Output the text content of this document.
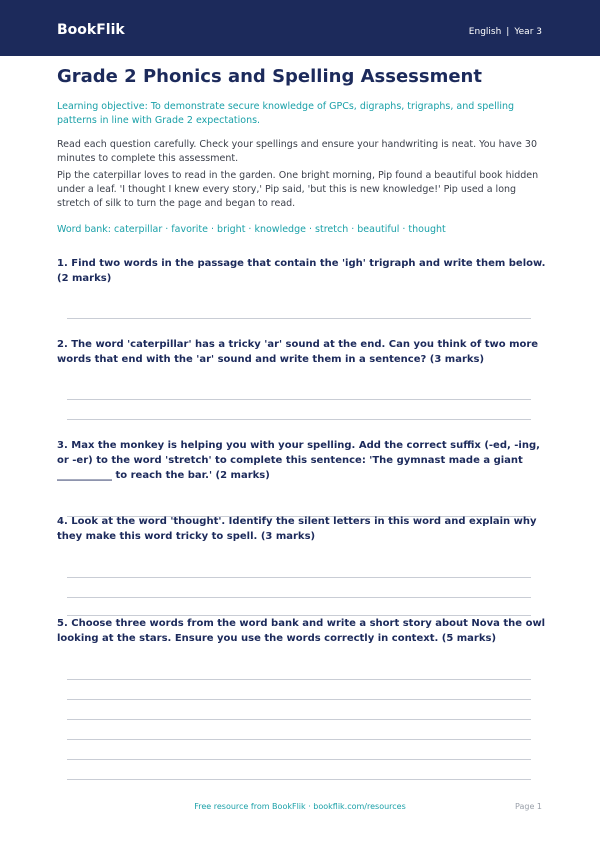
BookFlik	English | Year 3
Grade 2 Phonics and Spelling Assessment
Learning objective: To demonstrate secure knowledge of GPCs, digraphs, trigraphs, and spelling patterns in line with Grade 2 expectations.
Read each question carefully. Check your spellings and ensure your handwriting is neat. You have 30 minutes to complete this assessment.
Pip the caterpillar loves to read in the garden. One bright morning, Pip found a beautiful book hidden under a leaf. 'I thought I knew every story,' Pip said, 'but this is new knowledge!' Pip used a long stretch of silk to turn the page and began to read.
Word bank: caterpillar · favorite · bright · knowledge · stretch · beautiful · thought
1. Find two words in the passage that contain the 'igh' trigraph and write them below. (2 marks)
2. The word 'caterpillar' has a tricky 'ar' sound at the end. Can you think of two more words that end with the 'ar' sound and write them in a sentence? (3 marks)
3. Max the monkey is helping you with your spelling. Add the correct suffix (-ed, -ing, or -er) to the word 'stretch' to complete this sentence: 'The gymnast made a giant ___________ to reach the bar.' (2 marks)
4. Look at the word 'thought'. Identify the silent letters in this word and explain why they make this word tricky to spell. (3 marks)
5. Choose three words from the word bank and write a short story about Nova the owl looking at the stars. Ensure you use the words correctly in context. (5 marks)
Free resource from BookFlik · bookflik.com/resources	Page 1
